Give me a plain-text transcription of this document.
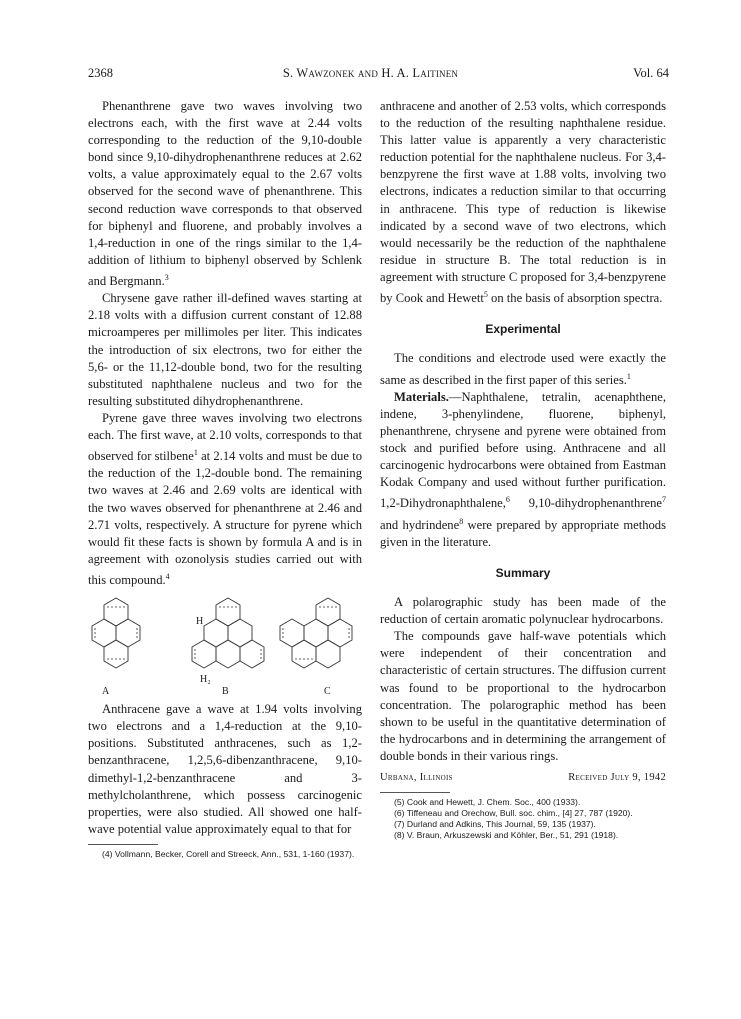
2368	S. Wawzonek and H. A. Laitinen	Vol. 64

Phenanthrene gave two waves involving two electrons each, with the first wave at 2.44 volts corresponding to the reduction of the 9,10-double bond since 9,10-dihydrophenanthrene reduces at 2.62 volts, a value approximately equal to the 2.67 volts observed for the second wave of phenanthrene. This second reduction wave corresponds to that observed for biphenyl and fluorene, and probably involves a 1,4-reduction in one of the rings similar to the 1,4-addition of lithium to biphenyl observed by Schlenk and Bergmann.$^3$

Chrysene gave rather ill-defined waves starting at 2.18 volts with a diffusion current constant of 12.88 microamperes per millimoles per liter. This indicates the introduction of six electrons, two for either the 5,6- or the 11,12-double bond, two for the resulting substituted naphthalene nucleus and two for the resulting substituted dihydrophenanthrene.

Pyrene gave three waves involving two electrons each. The first wave, at 2.10 volts, corresponds to that observed for stilbene$^1$ at 2.14 volts and must be due to the reduction of the 1,2-double bond. The remaining two waves at 2.46 and 2.69 volts are identical with the two waves observed for phenanthrene at 2.46 and 2.71 volts, respectively. A structure for pyrene which would fit these facts is shown by formula A and is in agreement with ozonolysis studies carried out with this compound.$^4$

H
H₂
A	B	C

Anthracene gave a wave at 1.94 volts involving two electrons and a 1,4-reduction at the 9,10-positions. Substituted anthracenes, such as 1,2-benzanthracene, 1,2,5,6-dibenzanthracene, 9,10-dimethyl-1,2-benzanthracene and 3-methylcholanthrene, which possess carcinogenic properties, were also studied. All showed one half-wave potential value approximately equal to that for

(4) Vollmann, Becker, Corell and Streeck, Ann., 531, 1-160 (1937).

anthracene and another of 2.53 volts, which corresponds to the reduction of the resulting naphthalene residue. This latter value is apparently a very characteristic reduction potential for the naphthalene nucleus. For 3,4-benzpyrene the first wave at 1.88 volts, involving two electrons, indicates a reduction similar to that occurring in anthracene. This type of reduction is likewise indicated by a second wave of two electrons, which would necessarily be the reduction of the naphthalene residue in structure B. The total reduction is in agreement with structure C proposed for 3,4-benzpyrene by Cook and Hewett$^5$ on the basis of absorption spectra.

Experimental

The conditions and electrode used were exactly the same as described in the first paper of this series.$^1$

Materials.—Naphthalene, tetralin, acenaphthene, indene, 3-phenylindene, fluorene, biphenyl, phenanthrene, chrysene and pyrene were obtained from stock and purified before using. Anthracene and all carcinogenic hydrocarbons were obtained from Eastman Kodak Company and used without further purification. 1,2-Dihydronaphthalene,$^6$ 9,10-dihydrophenanthrene$^7$ and hydrindene$^8$ were prepared by appropriate methods given in the literature.

Summary

A polarographic study has been made of the reduction of certain aromatic polynuclear hydrocarbons.

The compounds gave half-wave potentials which were independent of their concentration and characteristic of certain structures. The diffusion current was found to be proportional to the hydrocarbon concentration. The polarographic method has been shown to be useful in the quantitative determination of the hydrocarbons and in determining the arrangement of double bonds in their various rings.

Urbana, Illinois	Received July 9, 1942

(5) Cook and Hewett, J. Chem. Soc., 400 (1933).

(6) Tiffeneau and Orechow, Bull. soc. chim., [4] 27, 787 (1920).

(7) Durland and Adkins, This Journal, 59, 135 (1937).

(8) V. Braun, Arkuszewski and Köhler, Ber., 51, 291 (1918).
